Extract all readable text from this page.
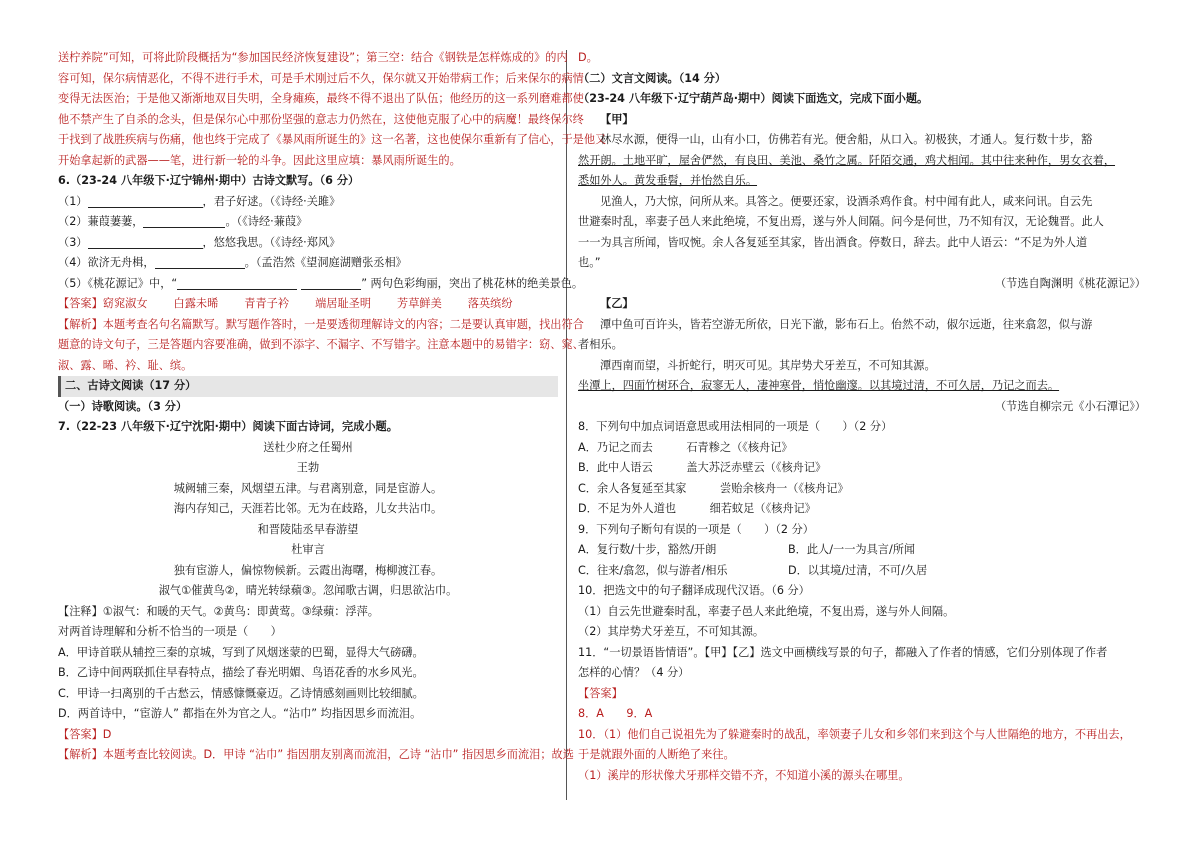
送柠养院”可知，可将此阶段概括为“参加国民经济恢复建设”；第三空：结合《钢铁是怎样炼成的》的内
容可知，保尔病情恶化，不得不进行手术，可是手术刚过后不久，保尔就又开始带病工作；后来保尔的病情
变得无法医治；于是他又渐渐地双目失明，全身瘫痪，最终不得不退出了队伍；他经历的这一系列磨难都使
他不禁产生了自杀的念头，但是保尔心中那份坚强的意志力仍然在，这使他克服了心中的病魔！最终保尔终
于找到了战胜疾病与伤痛，他也终于完成了《暴风雨所诞生的》这一名著，这也使保尔重新有了信心，于是他又
开始拿起新的武器——笔，进行新一轮的斗争。因此这里应填：暴风雨所诞生的。
6.（23-24 八年级下·辽宁锦州·期中）古诗文默写。（6 分）
（1）	，君子好逑。（《诗经·关雎》
（2）蒹葭萋萋，	。（《诗经·蒹葭》
（3）	，悠悠我思。（《诗经·郑风》
（4）欲济无舟楫，	。（孟浩然《望洞庭湖赠张丞相》
（5）《桃花源记》中，“	” 两句色彩绚丽，突出了桃花林的绝美景色。
【答案】窈窕淑女 白露未晞 青青子衿 端居耻圣明 芳草鲜美 落英缤纷
【解析】本题考查名句名篇默写。默写题作答时，一是要透彻理解诗文的内容；二是要认真审题，找出符合
题意的诗文句子，三是答题内容要准确，做到不添字、不漏字、不写错字。注意本题中的易错字：窈、窕、
淑、露、晞、衿、耻、缤。
二、古诗文阅读（17 分）
（一）诗歌阅读。（3 分）
7.（22-23 八年级下·辽宁沈阳·期中）阅读下面古诗词，完成小题。
送杜少府之任蜀州
王勃
城阙辅三秦，风烟望五津。与君离别意，同是宦游人。
海内存知己，天涯若比邻。无为在歧路，儿女共沾巾。
和晋陵陆丞早春游望
杜审言
独有宦游人，偏惊物候新。云霞出海曙，梅柳渡江春。
淑气①催黄鸟②，晴光转绿蘋③。忽闻歌古调，归思欲沾巾。
【注释】①淑气：和暖的天气。②黄鸟：即黄莺。③绿蘋：浮萍。
对两首诗理解和分析不恰当的一项是（　　）
A．甲诗首联从辅控三秦的京城，写到了风烟迷蒙的巴蜀，显得大气磅礴。
B．乙诗中间两联抓住早春特点，描绘了春光明媚、鸟语花香的水乡风光。
C．甲诗一扫离别的千古愁云，情感慷慨豪迈。乙诗情感刻画则比较细腻。
D．两首诗中，“宦游人” 都指在外为官之人。“沾巾” 均指因思乡而流泪。
【答案】D
【解析】本题考查比较阅读。D．甲诗 “沾巾” 指因朋友别离而流泪，乙诗 “沾巾” 指因思乡而流泪；故选
D。
（二）文言文阅读。（14 分）
（23-24 八年级下·辽宁葫芦岛·期中）阅读下面选文，完成下面小题。
【甲】
林尽水源，便得一山，山有小口，仿佛若有光。便舍船，从口入。初极狭，才通人。复行数十步，豁
然开朗。土地平旷，屋舍俨然，有良田、美池、桑竹之属。阡陌交通，鸡犬相闻。其中往来种作，男女衣着，
悉如外人。黄发垂髫，并怡然自乐。
见渔人，乃大惊，问所从来。具答之。便要还家，设酒杀鸡作食。村中闻有此人，咸来问讯。自云先
世避秦时乱，率妻子邑人来此绝境，不复出焉，遂与外人间隔。问今是何世，乃不知有汉，无论魏晋。此人
一一为具言所闻，皆叹惋。余人各复延至其家，皆出酒食。停数日，辞去。此中人语云：“不足为外人道
也。”
（节选自陶渊明《桃花源记》）
【乙】
潭中鱼可百许头，皆若空游无所依，日光下澈，影布石上。佁然不动，俶尔远逝，往来翕忽，似与游
者相乐。
潭西南而望，斗折蛇行，明灭可见。其岸势犬牙差互，不可知其源。
坐潭上，四面竹树环合，寂寥无人，凄神寒骨，悄怆幽邃。以其境过清，不可久居，乃记之而去。
（节选自柳宗元《小石潭记》）
8．下列句中加点词语意思或用法相同的一项是（　　）（2 分）
A．乃记之而去　　　石青糁之（《核舟记》
B．此中人语云　　　盖大苏泛赤壁云（《核舟记》
C．余人各复延至其家　　　尝贻余核舟一（《核舟记》
D．不足为外人道也　　　细若蚊足（《核舟记》
9．下列句子断句有误的一项是（　　）（2 分）
A．复行数/十步，豁然/开朗	B．此人/一一为具言/所闻
C．往来/翕忽，似与游者/相乐	D．以其境/过清，不可/久居
10．把选文中的句子翻译成现代汉语。（6 分）
（1）自云先世避秦时乱，率妻子邑人来此绝境，不复出焉，遂与外人间隔。
（2）其岸势犬牙差互，不可知其源。
11．“一切景语皆情语”。【甲】【乙】选文中画横线写景的句子，都融入了作者的情感，它们分别体现了作者
怎样的心情？（4 分）
【答案】
8．A　　9．A
10．（1）他们自己说祖先为了躲避秦时的战乱，率领妻子儿女和乡邻们来到这个与人世隔绝的地方，不再出去，
于是就跟外面的人断绝了来往。
（1）溪岸的形状像犬牙那样交错不齐，不知道小溪的源头在哪里。
